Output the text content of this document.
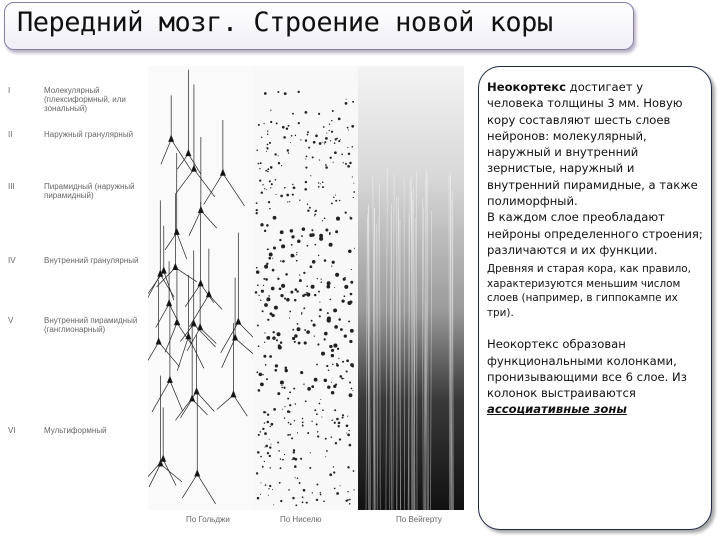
Передний мозг. Строение новой коры
I	Молекулярный (плексиформный, или зональный)
II	Наружный гранулярный
III	Пирамидный (наружный пирамидный)
IV	Внутренний гранулярный
V	Внутренний пирамидный (ганглионарный)
VI	Мультиформный
По Гольджи	По Ниселю	По Вейгерту

Неокортекс достигает у человека толщины 3 мм. Новую кору составляют шесть слоев нейронов: молекулярный, наружный и внутренний зернистые, наружный и внутренний пирамидные, а также полиморфный.
В каждом слое преобладают нейроны определенного строения; различаются и их функции.

Древняя и старая кора, как правило, характеризуются меньшим числом слоев (например, в гиппокампе их три).

Неокортекс образован функциональными колонками, пронизывающими все 6 слое. Из колонок выстраиваются ассоциативные зоны
